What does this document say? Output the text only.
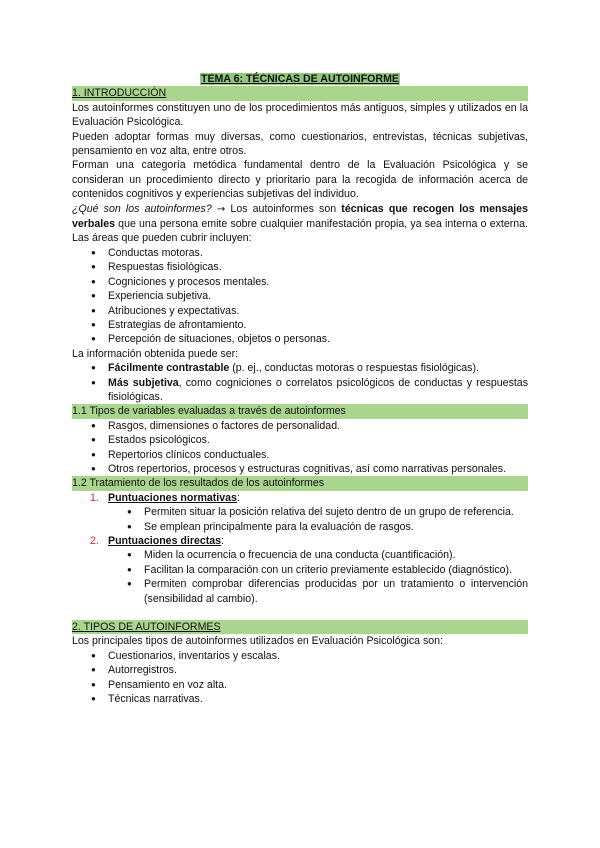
TEMA 6: TÉCNICAS DE AUTOINFORME
1. INTRODUCCIÓN

Los autoinformes constituyen uno de los procedimientos más antiguos, simples y utilizados en la Evaluación Psicológica.

Pueden adoptar formas muy diversas, como cuestionarios, entrevistas, técnicas subjetivas, pensamiento en voz alta, entre otros.

Forman una categoría metódica fundamental dentro de la Evaluación Psicológica y se consideran un procedimiento directo y prioritario para la recogida de información acerca de contenidos cognitivos y experiencias subjetivas del individuo.

¿Qué son los autoinformes? → Los autoinformes son técnicas que recogen los mensajes verbales que una persona emite sobre cualquier manifestación propia, ya sea interna o externa. Las áreas que pueden cubrir incluyen:

● Conductas motoras.
● Respuestas fisiológicas.
● Cogniciones y procesos mentales.
● Experiencia subjetiva.
● Atribuciones y expectativas.
● Estrategias de afrontamiento.
● Percepción de situaciones, objetos o personas.

La información obtenida puede ser:

● Fácilmente contrastable (p. ej., conductas motoras o respuestas fisiológicas).
● Más subjetiva, como cogniciones o correlatos psicológicos de conductas y respuestas fisiológicas.
1.1 Tipos de variables evaluadas a través de autoinformes
● Rasgos, dimensiones o factores de personalidad.
● Estados psicológicos.
● Repertorios clínicos conductuales.
● Otros repertorios, procesos y estructuras cognitivas, así como narrativas personales.
1.2 Tratamiento de los resultados de los autoinformes
1. Puntuaciones normativas:
● Permiten situar la posición relativa del sujeto dentro de un grupo de referencia.
● Se emplean principalmente para la evaluación de rasgos.
2. Puntuaciones directas:
● Miden la ocurrencia o frecuencia de una conducta (cuantificación).
● Facilitan la comparación con un criterio previamente establecido (diagnóstico).
● Permiten comprobar diferencias producidas por un tratamiento o intervención (sensibilidad al cambio).
2. TIPOS DE AUTOINFORMES

Los principales tipos de autoinformes utilizados en Evaluación Psicológica son:

● Cuestionarios, inventarios y escalas.
● Autorregistros.
● Pensamiento en voz alta.
● Técnicas narrativas.
